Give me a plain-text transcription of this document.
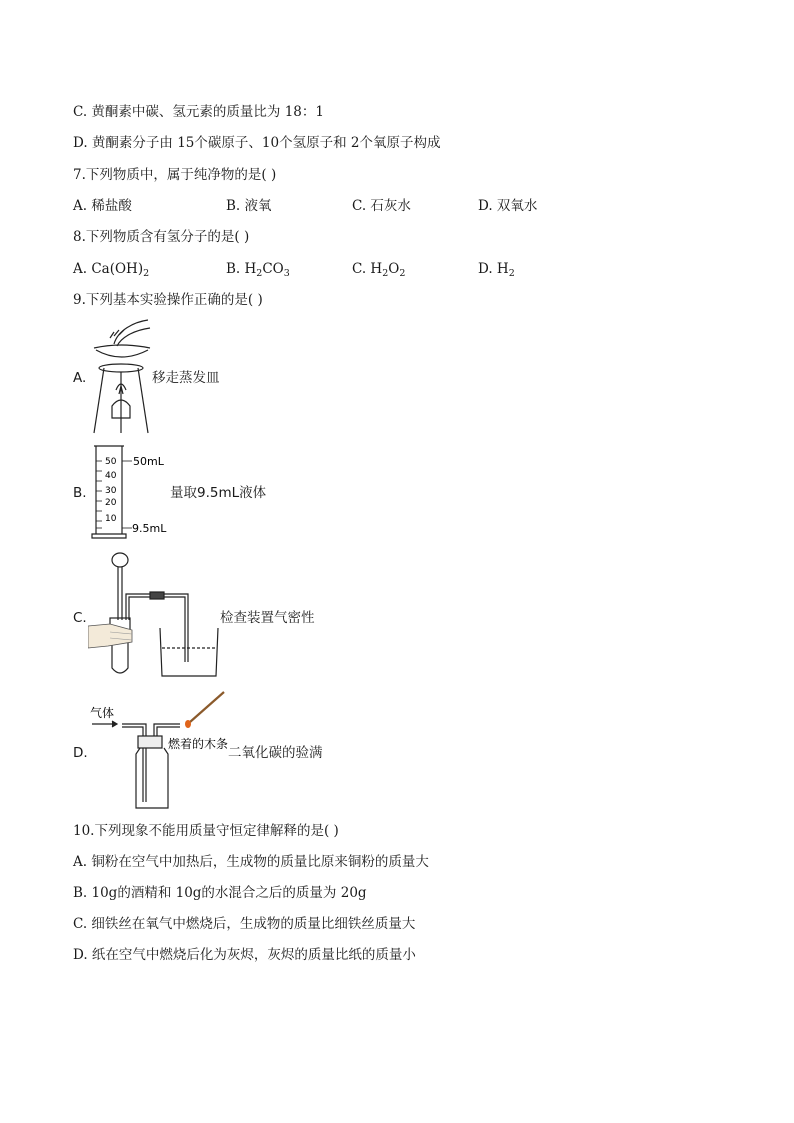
C. 黄酮素中碳、氢元素的质量比为 18：1
D. 黄酮素分子由 15个碳原子、10个氢原子和 2个氧原子构成
7.下列物质中，属于纯净物的是( )
A. 稀盐酸	B. 液氧	C. 石灰水	D. 双氧水
8.下列物质含有氢分子的是( )
A. $Ca(OH)_2$	B. $H_2CO_3$	C. $H_2O_2$	D. $H_2$
9.下列基本实验操作正确的是( )
A.	移走蒸发皿
B.
50
40
30
20
10
50mL
9.5mL
量取9.5mL液体
C.	检查装置气密性
D.
气体
燃着的木条
二氧化碳的验满
10.下列现象不能用质量守恒定律解释的是( )
A. 铜粉在空气中加热后，生成物的质量比原来铜粉的质量大
B. 10g的酒精和 10g的水混合之后的质量为 20g
C. 细铁丝在氧气中燃烧后，生成物的质量比细铁丝质量大
D. 纸在空气中燃烧后化为灰烬，灰烬的质量比纸的质量小
